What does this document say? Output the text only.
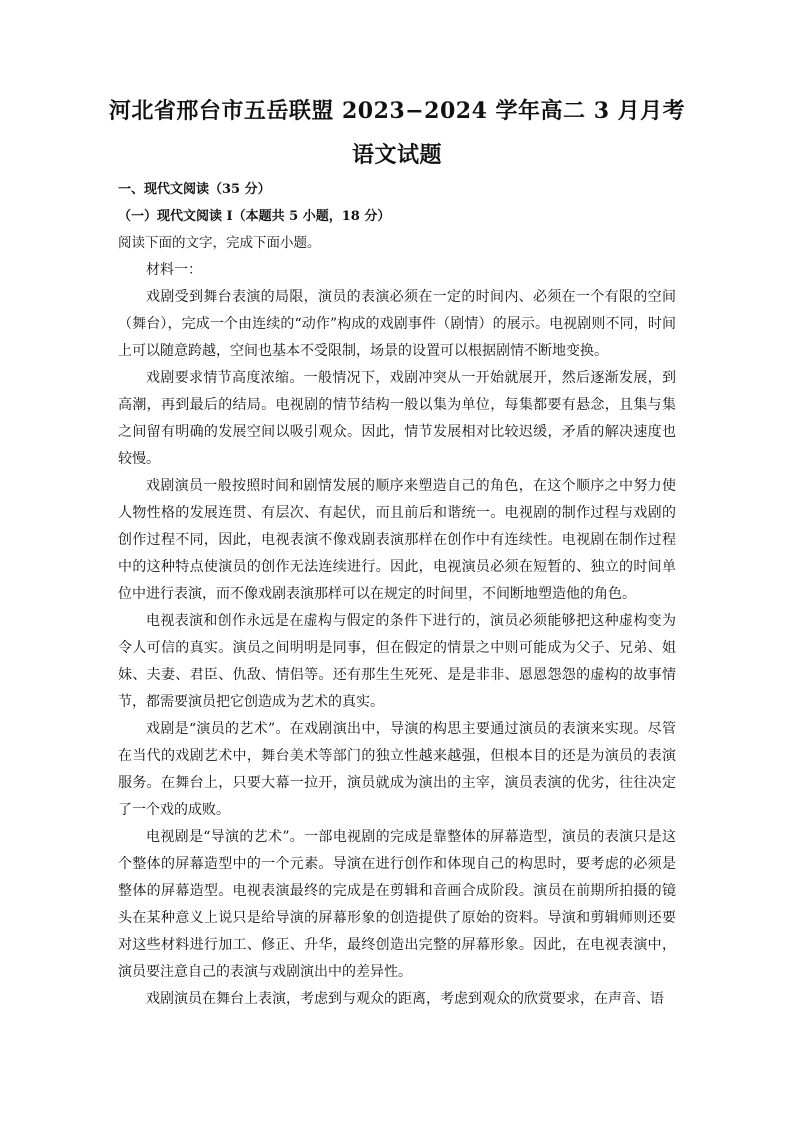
河北省邢台市五岳联盟 2023−2024 学年高二 3 月月考
语文试题
一、现代文阅读（35 分）
（一）现代文阅读 I（本题共 5 小题，18 分）
阅读下面的文字，完成下面小题。
材料一：

戏剧受到舞台表演的局限，演员的表演必须在一定的时间内、必须在一个有限的空间（舞台），完成一个由连续的“动作”构成的戏剧事件（剧情）的展示。电视剧则不同，时间上可以随意跨越，空间也基本不受限制，场景的设置可以根据剧情不断地变换。

戏剧要求情节高度浓缩。一般情况下，戏剧冲突从一开始就展开，然后逐渐发展，到高潮，再到最后的结局。电视剧的情节结构一般以集为单位，每集都要有悬念，且集与集之间留有明确的发展空间以吸引观众。因此，情节发展相对比较迟缓，矛盾的解决速度也较慢。

戏剧演员一般按照时间和剧情发展的顺序来塑造自己的角色，在这个顺序之中努力使人物性格的发展连贯、有层次、有起伏，而且前后和谐统一。电视剧的制作过程与戏剧的创作过程不同，因此，电视表演不像戏剧表演那样在创作中有连续性。电视剧在制作过程中的这种特点使演员的创作无法连续进行。因此，电视演员必须在短暂的、独立的时间单位中进行表演，而不像戏剧表演那样可以在规定的时间里，不间断地塑造他的角色。

电视表演和创作永远是在虚构与假定的条件下进行的，演员必须能够把这种虚构变为令人可信的真实。演员之间明明是同事，但在假定的情景之中则可能成为父子、兄弟、姐妹、夫妻、君臣、仇敌、情侣等。还有那生生死死、是是非非、恩恩怨怨的虚构的故事情节，都需要演员把它创造成为艺术的真实。

戏剧是“演员的艺术”。在戏剧演出中，导演的构思主要通过演员的表演来实现。尽管在当代的戏剧艺术中，舞台美术等部门的独立性越来越强，但根本目的还是为演员的表演服务。在舞台上，只要大幕一拉开，演员就成为演出的主宰，演员表演的优劣，往往决定了一个戏的成败。

电视剧是“导演的艺术”。一部电视剧的完成是靠整体的屏幕造型，演员的表演只是这个整体的屏幕造型中的一个元素。导演在进行创作和体现自己的构思时，要考虑的必须是整体的屏幕造型。电视表演最终的完成是在剪辑和音画合成阶段。演员在前期所拍摄的镜头在某种意义上说只是给导演的屏幕形象的创造提供了原始的资料。导演和剪辑师则还要对这些材料进行加工、修正、升华，最终创造出完整的屏幕形象。因此，在电视表演中，演员要注意自己的表演与戏剧演出中的差异性。

戏剧演员在舞台上表演，考虑到与观众的距离，考虑到观众的欣赏要求，在声音、语
